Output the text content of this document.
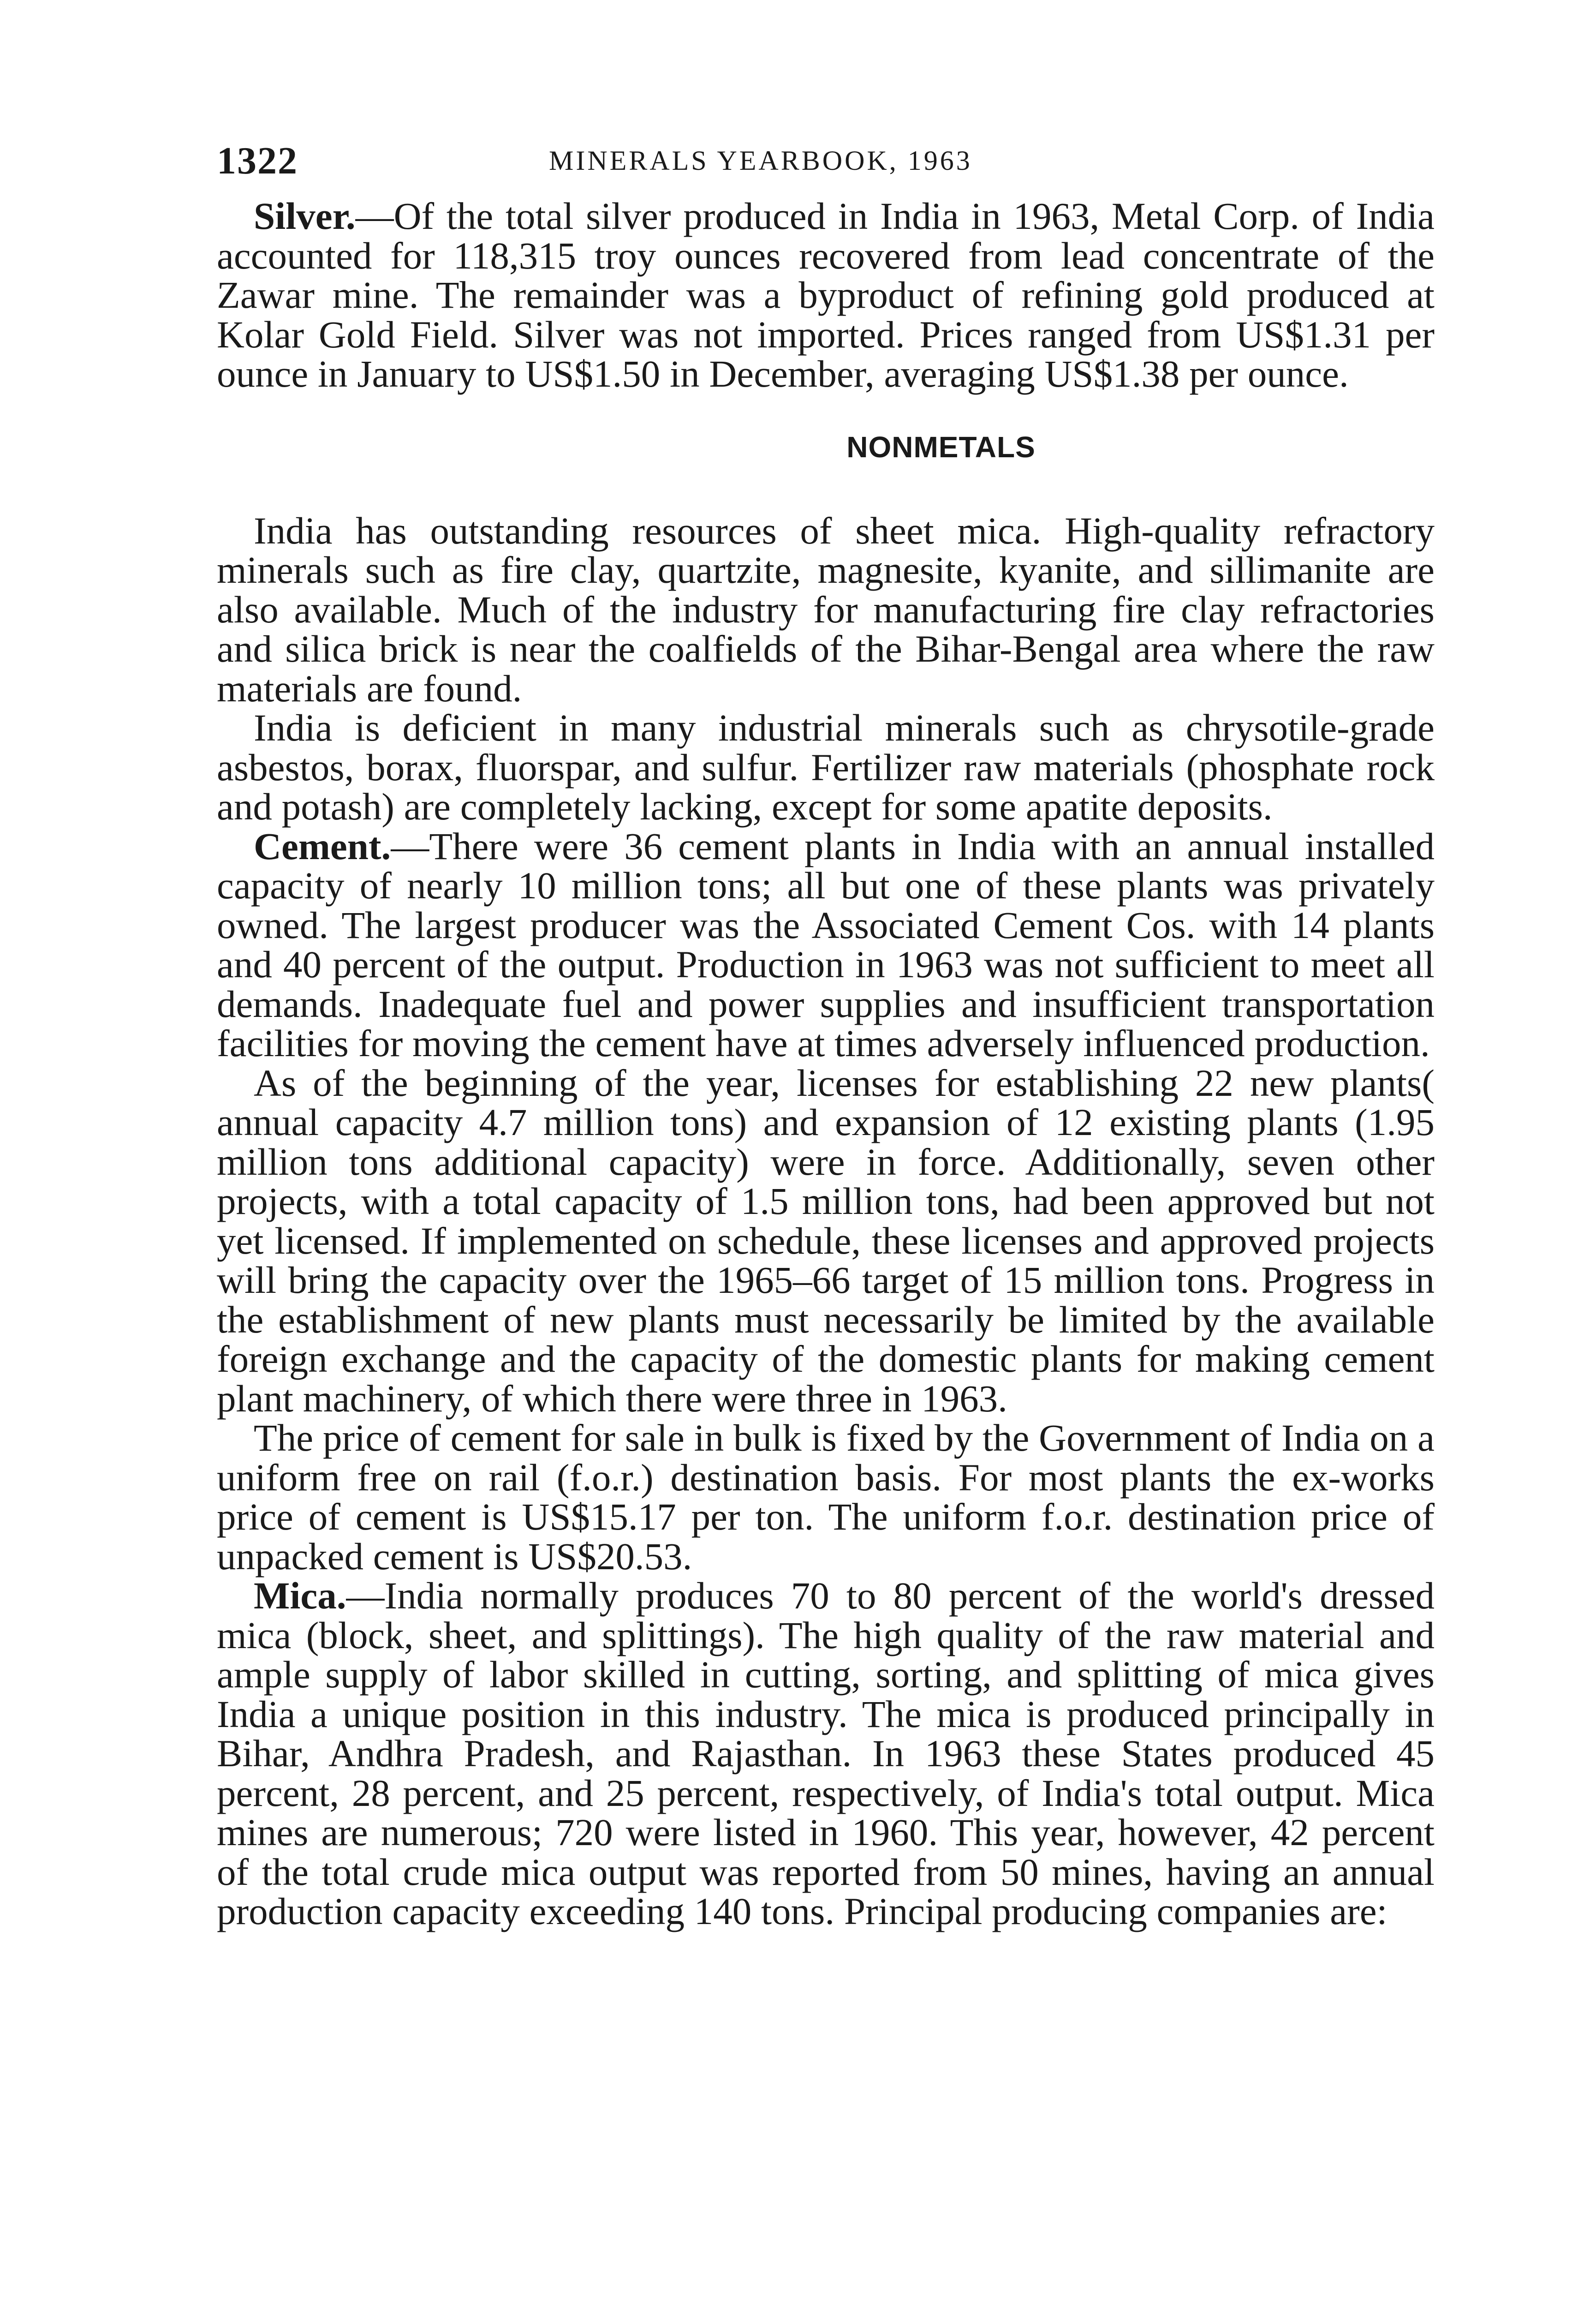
1322	MINERALS YEARBOOK, 1963

Silver.—Of the total silver produced in India in 1963, Metal Corp. of India accounted for 118,315 troy ounces recovered from lead concentrate of the Zawar mine. The remainder was a byproduct of refining gold produced at Kolar Gold Field. Silver was not imported. Prices ranged from US$1.31 per ounce in January to US$1.50 in December, averaging US$1.38 per ounce.

NONMETALS

India has outstanding resources of sheet mica. High-quality refractory minerals such as fire clay, quartzite, magnesite, kyanite, and sillimanite are also available. Much of the industry for manufacturing fire clay refractories and silica brick is near the coalfields of the Bihar-Bengal area where the raw materials are found.

India is deficient in many industrial minerals such as chrysotile-grade asbestos, borax, fluorspar, and sulfur. Fertilizer raw materials (phosphate rock and potash) are completely lacking, except for some apatite deposits.

Cement.—There were 36 cement plants in India with an annual installed capacity of nearly 10 million tons; all but one of these plants was privately owned. The largest producer was the Associated Cement Cos. with 14 plants and 40 percent of the output. Production in 1963 was not sufficient to meet all demands. Inadequate fuel and power supplies and insufficient transportation facilities for moving the cement have at times adversely influenced production.

As of the beginning of the year, licenses for establishing 22 new plants( annual capacity 4.7 million tons) and expansion of 12 existing plants (1.95 million tons additional capacity) were in force. Additionally, seven other projects, with a total capacity of 1.5 million tons, had been approved but not yet licensed. If implemented on schedule, these licenses and approved projects will bring the capacity over the 1965–66 target of 15 million tons. Progress in the establishment of new plants must necessarily be limited by the available foreign exchange and the capacity of the domestic plants for making cement plant machinery, of which there were three in 1963.

The price of cement for sale in bulk is fixed by the Government of India on a uniform free on rail (f.o.r.) destination basis. For most plants the ex-works price of cement is US$15.17 per ton. The uniform f.o.r. destination price of unpacked cement is US$20.53.

Mica.—India normally produces 70 to 80 percent of the world's dressed mica (block, sheet, and splittings). The high quality of the raw material and ample supply of labor skilled in cutting, sorting, and splitting of mica gives India a unique position in this industry. The mica is produced principally in Bihar, Andhra Pradesh, and Rajasthan. In 1963 these States produced 45 percent, 28 percent, and 25 percent, respectively, of India's total output. Mica mines are numerous; 720 were listed in 1960. This year, however, 42 percent of the total crude mica output was reported from 50 mines, having an annual production capacity exceeding 140 tons. Principal producing companies are:
